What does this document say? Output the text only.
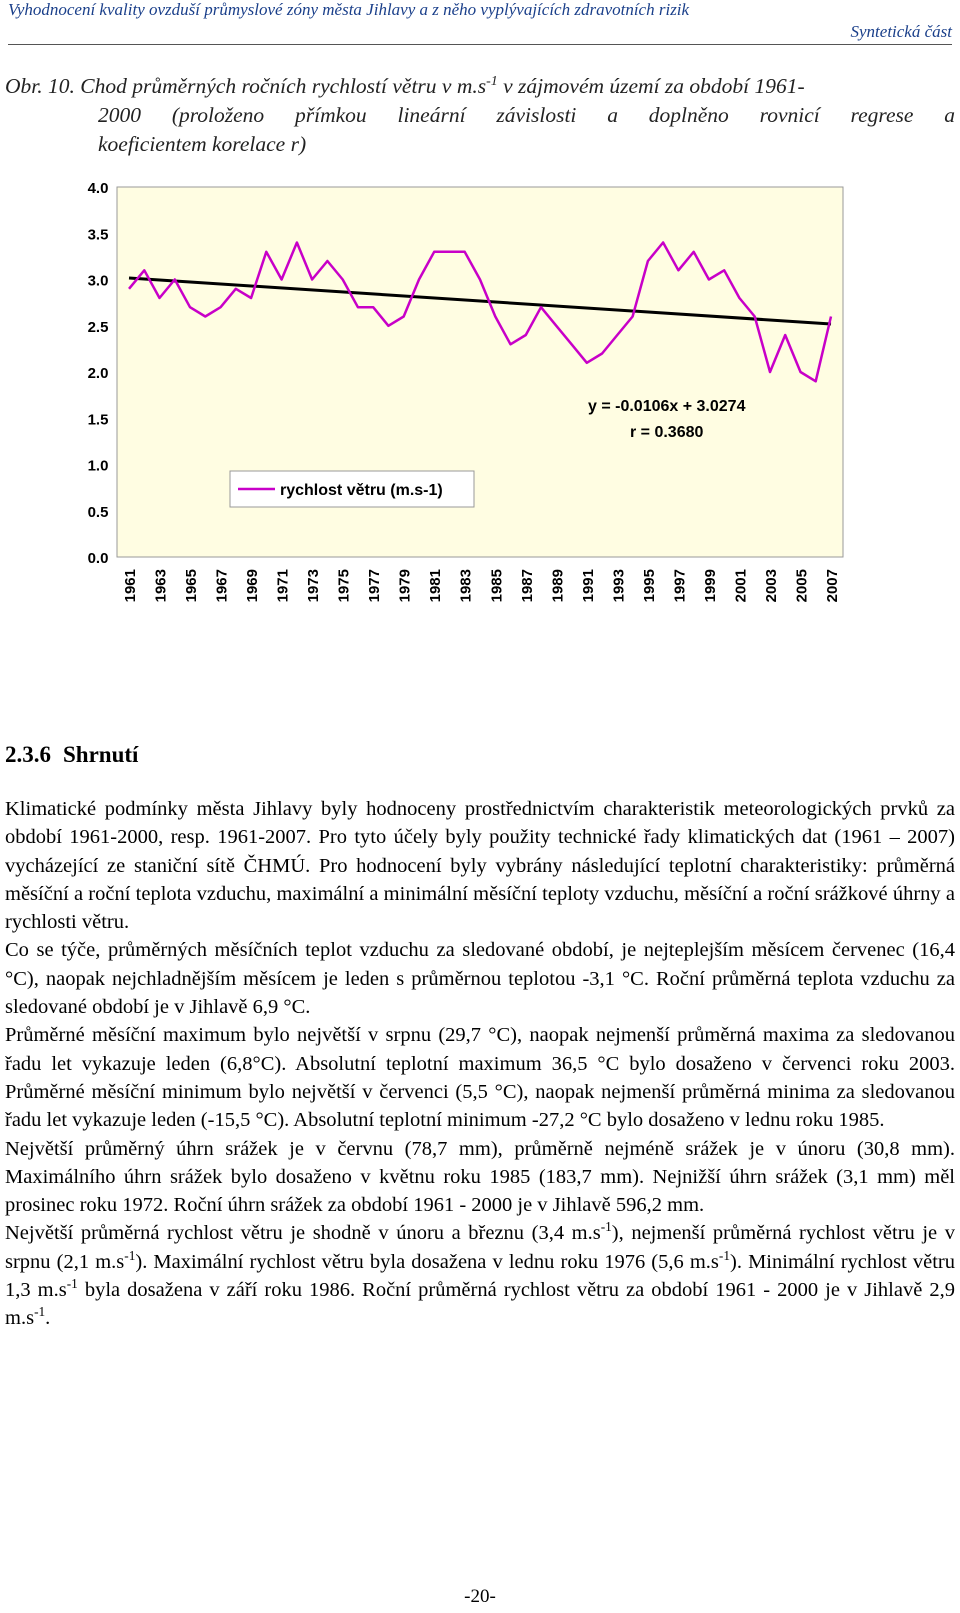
Vyhodnocení kvality ovzduší průmyslové zóny města Jihlavy a z něho vyplývajících zdravotních rizik
Syntetická část
Obr. 10. Chod průměrných ročních rychlostí větru v $m.s^{-1}$ v zájmovém území za období 1961-
2000 (proloženo přímkou lineární závislosti a doplněno rovnicí regrese a
koeficientem korelace r)
4.0
3.5
3.0
2.5
2.0
1.5
1.0
0.5
0.0
1961 1963 1965 1967 1969 1971 1973 1975 1977 1979 1981 1983 1985 1987 1989 1991 1993 1995 1997 1999 2001 2003 2005 2007
rychlost větru (m.s-1)
y = -0.0106x + 3.0274
r = 0.3680
2.3.6 Shrnutí

Klimatické podmínky města Jihlavy byly hodnoceny prostřednictvím charakteristik meteorologických prvků za období 1961-2000, resp. 1961-2007. Pro tyto účely byly použity technické řady klimatických dat (1961 – 2007) vycházející ze staniční sítě ČHMÚ. Pro hodnocení byly vybrány následující teplotní charakteristiky: průměrná měsíční a roční teplota vzduchu, maximální a minimální měsíční teploty vzduchu, měsíční a roční srážkové úhrny a rychlosti větru.

Co se týče, průměrných měsíčních teplot vzduchu za sledované období, je nejteplejším měsícem červenec (16,4 °C), naopak nejchladnějším měsícem je leden s průměrnou teplotou -3,1 °C. Roční průměrná teplota vzduchu za sledované období je v Jihlavě 6,9 °C.

Průměrné měsíční maximum bylo největší v srpnu (29,7 °C), naopak nejmenší průměrná maxima za sledovanou řadu let vykazuje leden (6,8°C). Absolutní teplotní maximum 36,5 °C bylo dosaženo v červenci roku 2003. Průměrné měsíční minimum bylo největší v červenci (5,5 °C), naopak nejmenší průměrná minima za sledovanou řadu let vykazuje leden (-15,5 °C). Absolutní teplotní minimum -27,2 °C bylo dosaženo v lednu roku 1985.

Největší průměrný úhrn srážek je v červnu (78,7 mm), průměrně nejméně srážek je v únoru (30,8 mm). Maximálního úhrn srážek bylo dosaženo v květnu roku 1985 (183,7 mm). Nejnižší úhrn srážek (3,1 mm) měl prosinec roku 1972. Roční úhrn srážek za období 1961 - 2000 je v Jihlavě 596,2 mm.

Největší průměrná rychlost větru je shodně v únoru a březnu (3,4 $m.s^{-1}$), nejmenší průměrná rychlost větru je v srpnu (2,1 $m.s^{-1}$). Maximální rychlost větru byla dosažena v lednu roku 1976 (5,6 $m.s^{-1}$). Minimální rychlost větru 1,3 $m.s^{-1}$ byla dosažena v září roku 1986. Roční průměrná rychlost větru za období 1961 - 2000 je v Jihlavě 2,9 $m.s^{-1}$.

-20-
